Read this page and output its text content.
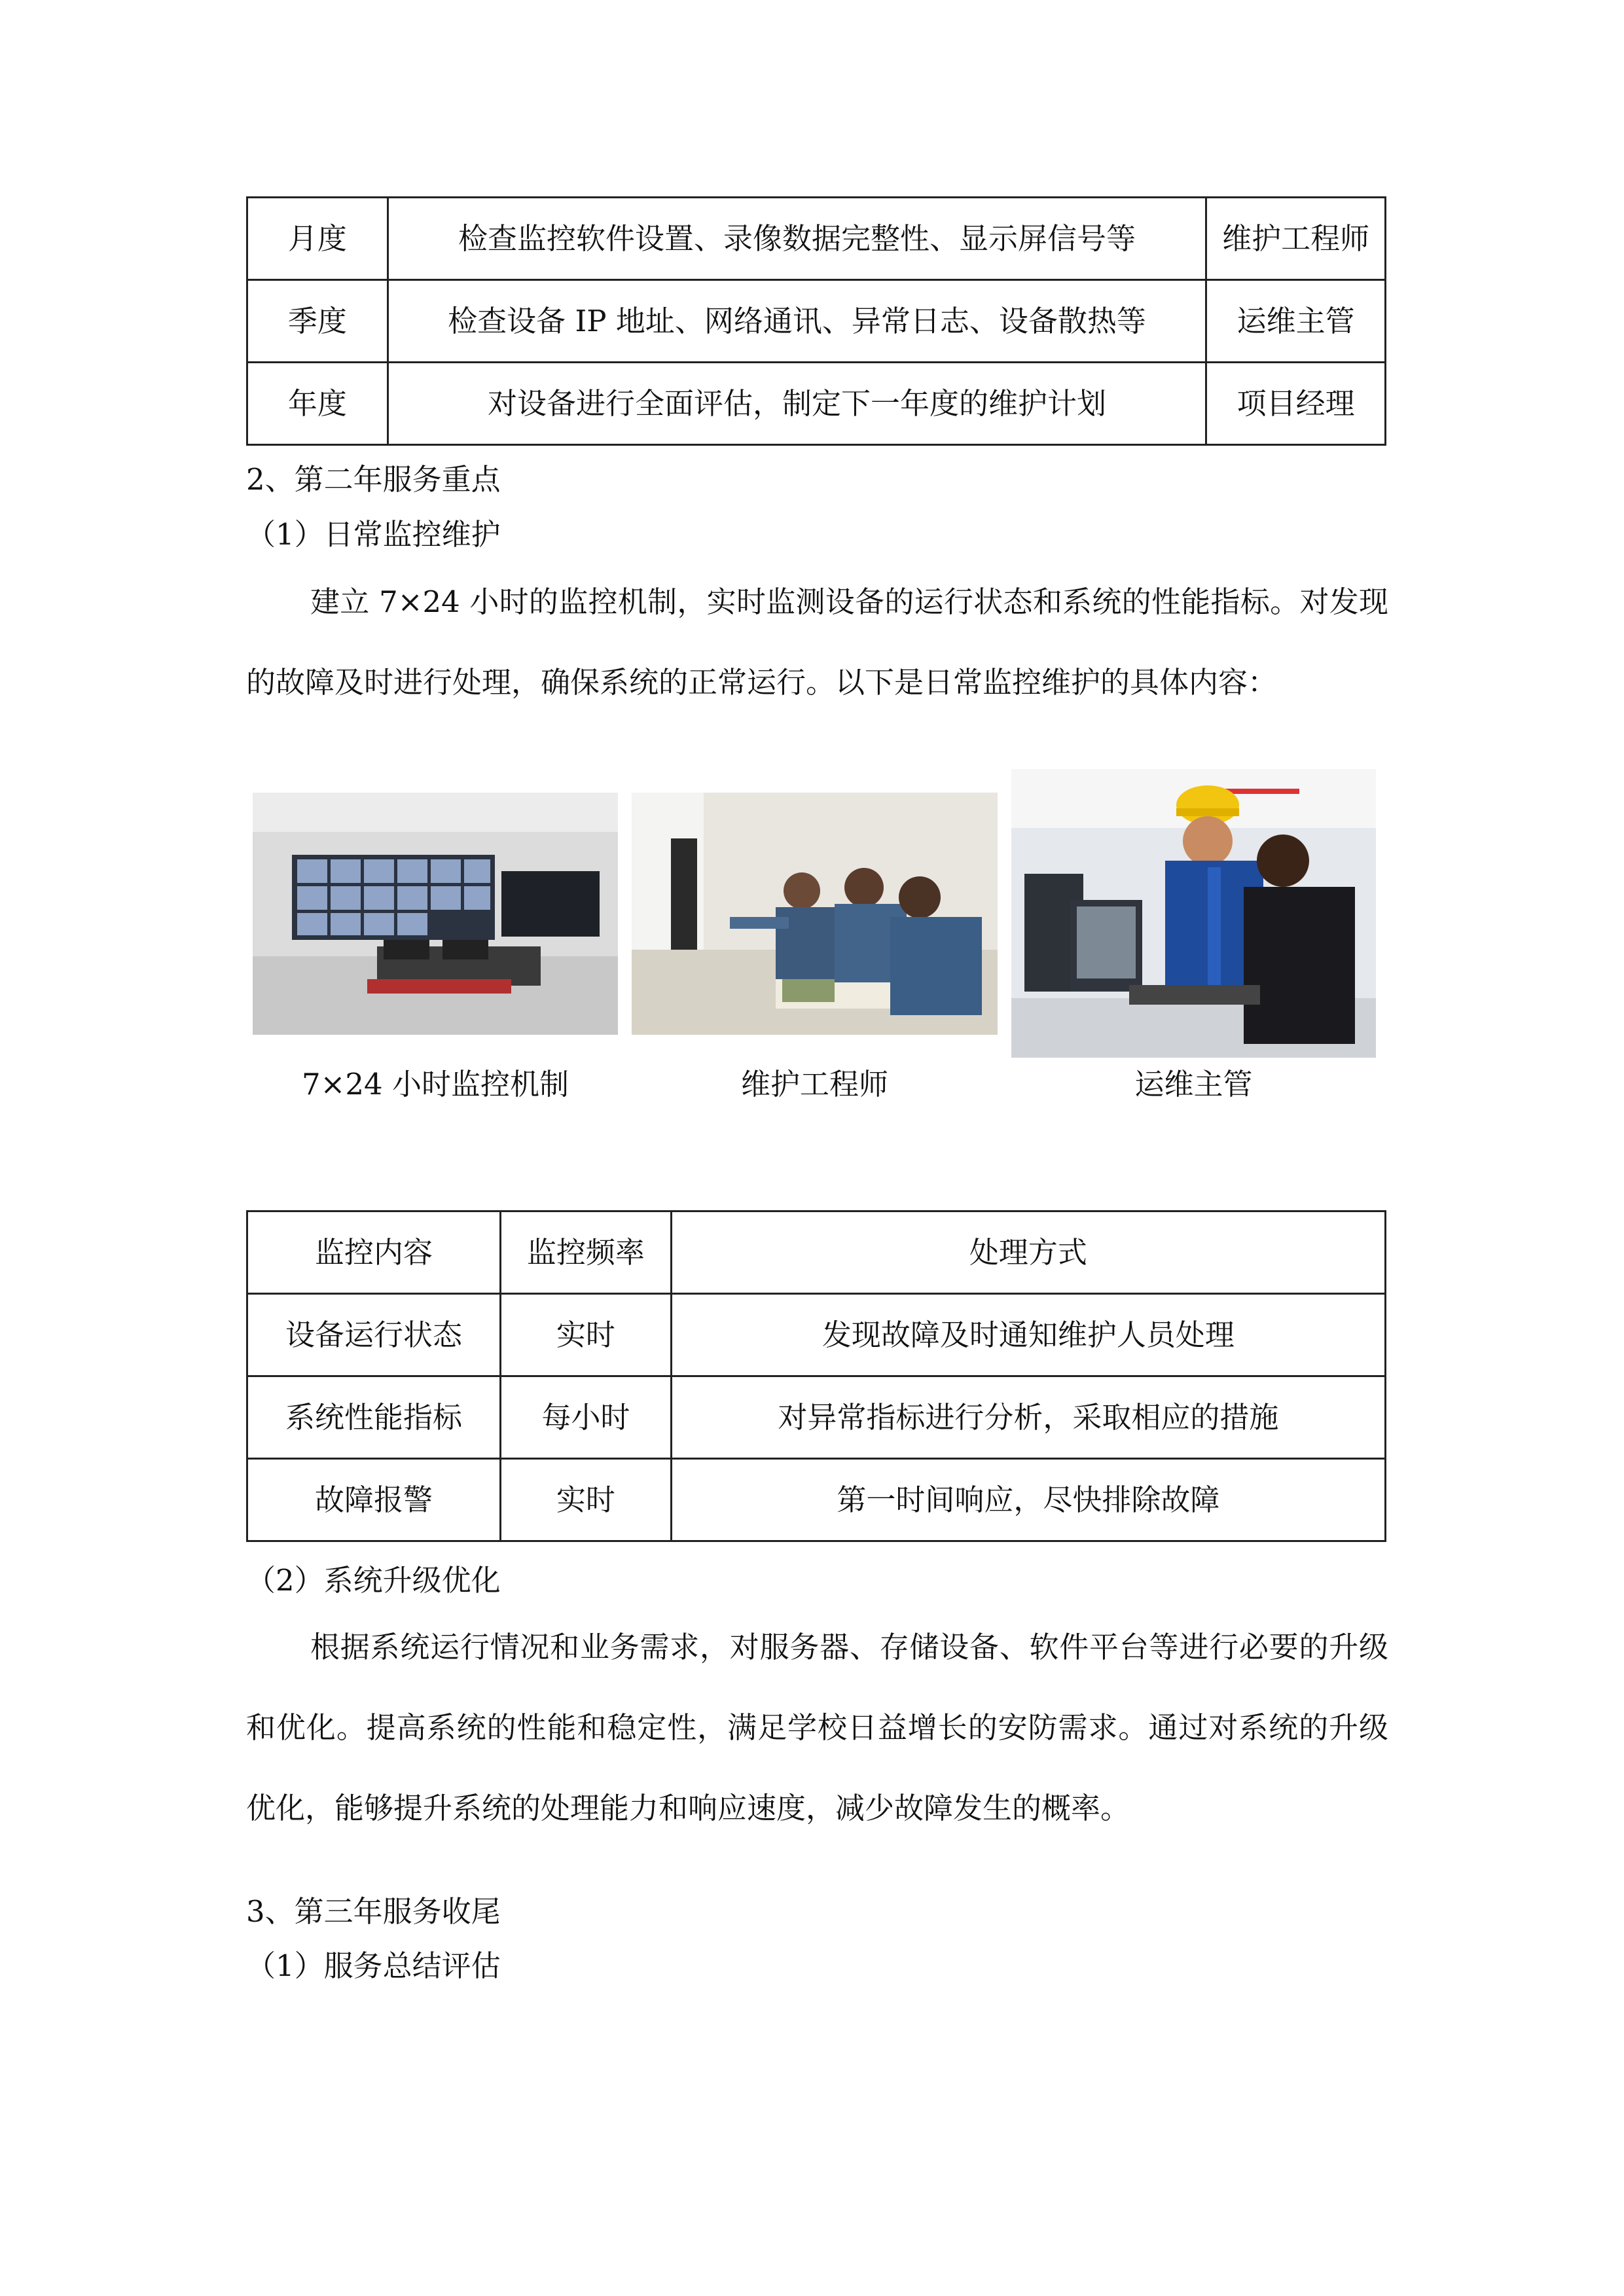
月度	检查监控软件设置、录像数据完整性、显示屏信号等	维护工程师
季度	检查设备 IP 地址、网络通讯、异常日志、设备散热等	运维主管
年度	对设备进行全面评估，制定下一年度的维护计划	项目经理
2、第二年服务重点
（1）日常监控维护

建立 7×24 小时的监控机制，实时监测设备的运行状态和系统的性能指标。对发现的故障及时进行处理，确保系统的正常运行。以下是日常监控维护的具体内容：

7×24 小时监控机制	维护工程师	运维主管
监控内容	监控频率	处理方式
设备运行状态	实时	发现故障及时通知维护人员处理
系统性能指标	每小时	对异常指标进行分析，采取相应的措施
故障报警	实时	第一时间响应，尽快排除故障
（2）系统升级优化

根据系统运行情况和业务需求，对服务器、存储设备、软件平台等进行必要的升级和优化。提高系统的性能和稳定性，满足学校日益增长的安防需求。通过对系统的升级优化，能够提升系统的处理能力和响应速度，减少故障发生的概率。

3、第三年服务收尾
（1）服务总结评估
